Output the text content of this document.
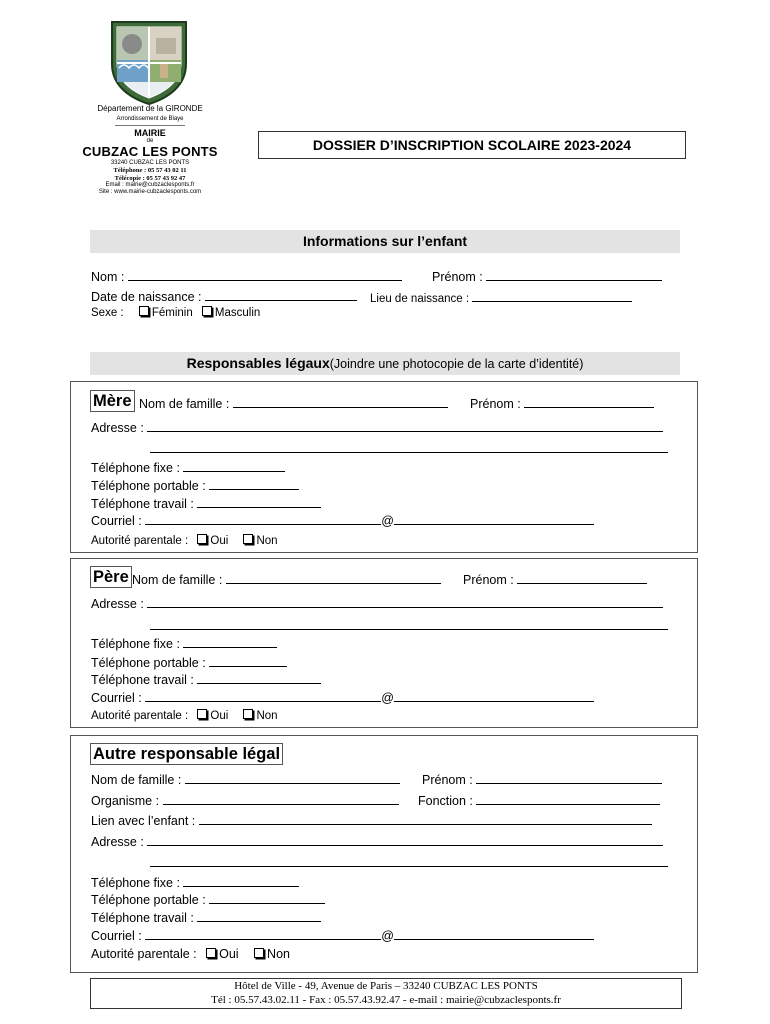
Département de la GIRONDE
Arrondissement de Blaye
MAIRIE
de
CUBZAC LES PONTS
33240 CUBZAC LES PONTS
Téléphone : 05 57 43 02 11
Télécopie : 05 57 43 92 47
Email : mairie@cubzaclesponts.fr
Site : www.mairie-cubzaclesponts.com
DOSSIER D’INSCRIPTION SCOLAIRE 2023-2024
Informations sur l’enfant
Nom :	Prénom :
Date de naissance :	Lieu de naissance :
Sexe : Féminin Masculin
Responsables légaux(Joindre une photocopie de la carte d’identité)
Mère Nom de famille :	Prénom :
Adresse :
Téléphone fixe :
Téléphone portable :
Téléphone travail :
Courriel :	@
Autorité parentale : Oui Non
Père Nom de famille :	Prénom :
Adresse :
Téléphone fixe :
Téléphone portable :
Téléphone travail :
Courriel :	@
Autorité parentale : Oui Non
Autre responsable légal
Nom de famille :	Prénom :
Organisme :	Fonction :
Lien avec l’enfant :
Adresse :
Téléphone fixe :
Téléphone portable :
Téléphone travail :
Courriel :	@
Autorité parentale : Oui Non
Hôtel de Ville - 49, Avenue de Paris – 33240 CUBZAC LES PONTS
Tél : 05.57.43.02.11 - Fax : 05.57.43.92.47 - e-mail : mairie@cubzaclesponts.fr
